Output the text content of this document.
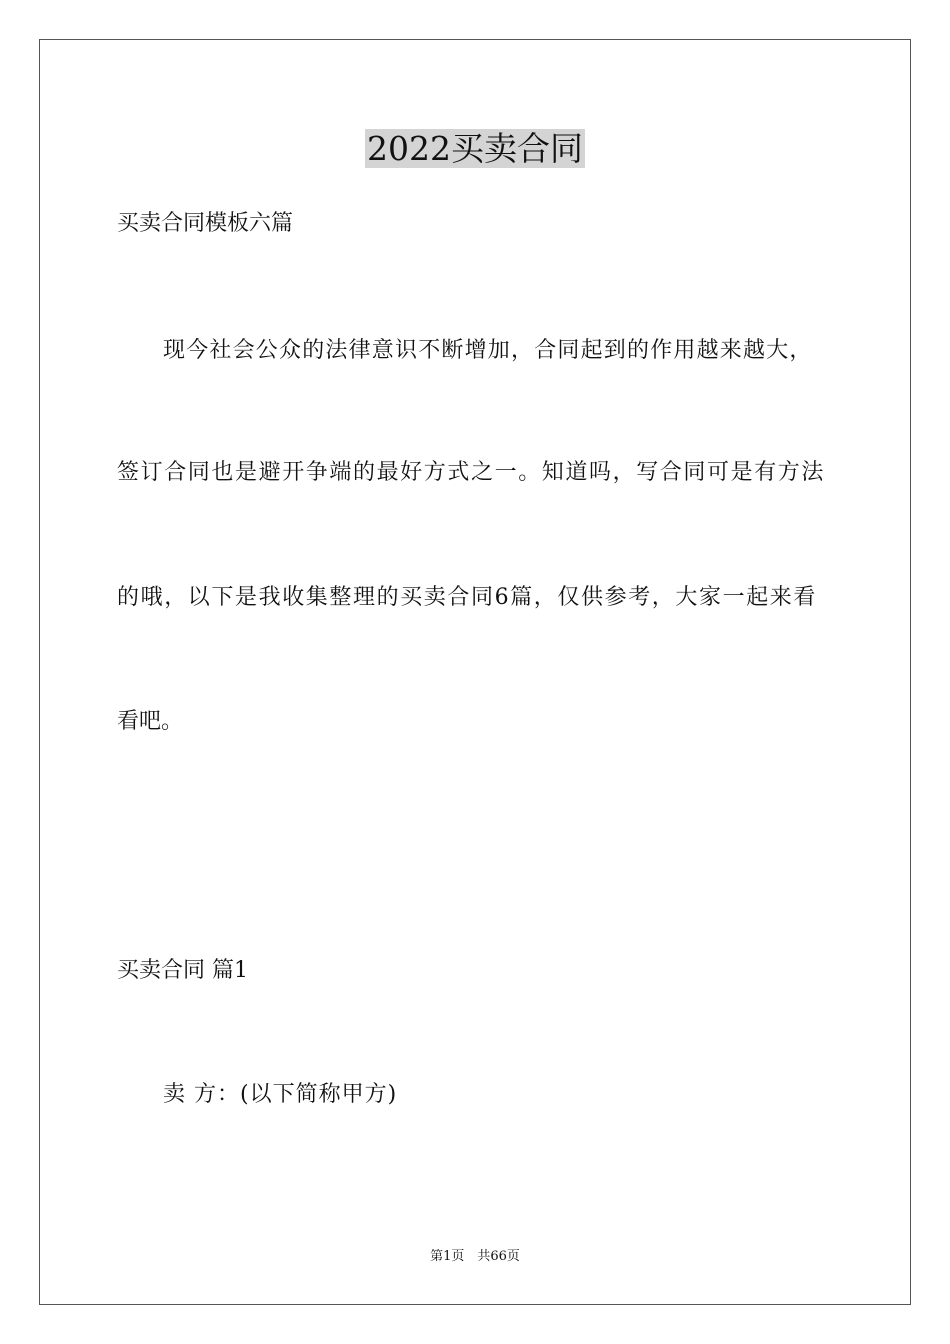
2022买卖合同
买卖合同模板六篇
现今社会公众的法律意识不断增加，合同起到的作用越来越大，
签订合同也是避开争端的最好方式之一。知道吗，写合同可是有方法
的哦，以下是我收集整理的买卖合同6篇，仅供参考，大家一起来看
看吧。
买卖合同 篇1
卖 方：(以下简称甲方)
第1页　共66页
